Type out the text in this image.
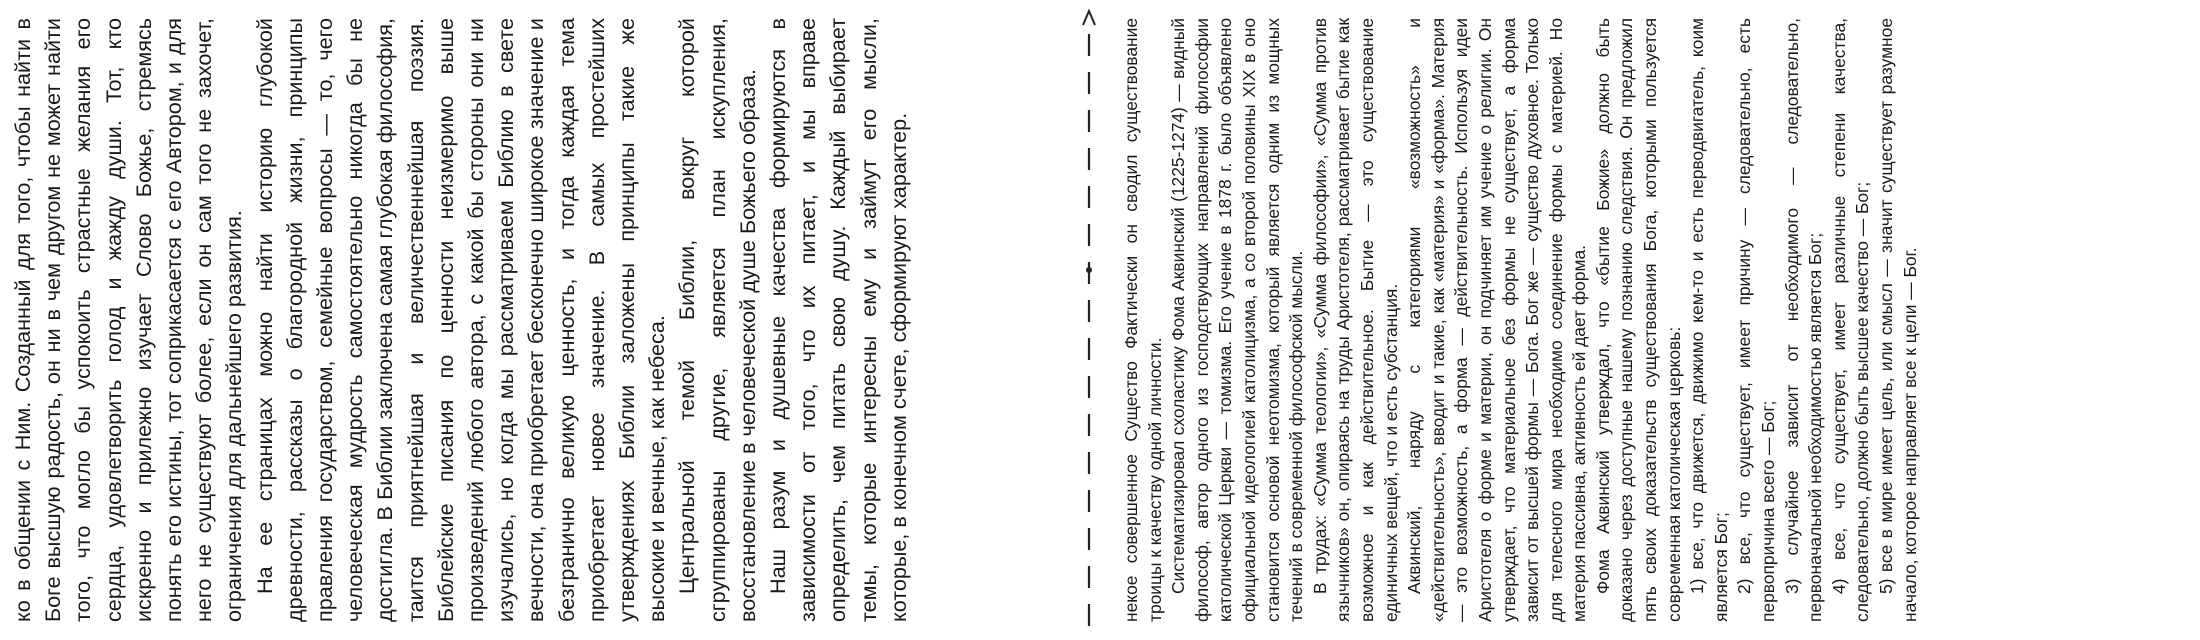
ко в общении с Ним. Созданный для того, чтобы найти в Боге высшую радость, он ни в чем другом не может найти того, что могло бы успокоить страстные желания его сердца, удовлетворить голод и жажду души. Тот, кто искренно и прилежно изучает Слово Божье, стремясь понять его истины, тот соприкасается с его Автором, и для него не существуют более, если он сам того не захочет, ограничения для дальнейшего развития. На ее страницах можно найти историю глубокой древности, рассказы о благородной жизни, принципы правления государством, семейные вопросы — то, чего человеческая мудрость самостоятельно никогда бы не достигла. В Библии заключена самая глубокая философия, таится приятнейшая и величественнейшая поэзия. Библейские писания по ценности неизмеримо выше произведений любого автора, с какой бы стороны они ни изучались, но когда мы рассматриваем Библию в свете вечности, она приобретает бесконечно широкое значение и безгранично великую ценность, и тогда каждая тема приобретает новое значение. В самых простейших утверждениях Библии заложены принципы такие же высокие и вечные, как небеса. Центральной темой Библии, вокруг которой сгруппированы другие, является план искупления, восстановление в человеческой душе Божьего образа. Наш разум и душевные качества формируются в зависимости от того, что их питает, и мы вправе определить, чем питать свою душу. Каждый выбирает темы, которые интересны ему и займут его мысли, которые, в конечном счете, сформируют характер.	некое совершенное Существо Фактически он сводил существование троицы к качеству одной личности. Систематизировал схоластику Фома Аквинский (1225-1274) — видный философ, автор одного из господствующих направлений философии католической Церкви — томизма. Его учение в 1878 г. было объявлено официальной идеологией католицизма, а со второй половины XIX в оно становится основой неотомизма, который является одним из мощных течений в современной философской мысли. В трудах: «Сумма теологии», «Сумма философии», «Сумма против язычников» он, опираясь на труды Аристотеля, рассматривает бытие как возможное и как действительное. Бытие — это существование единичных вещей, что и есть субстанция. Аквинский, наряду с категориями «возможность» и «действительность», вводит и такие, как «материя» и «форма». Материя — это возможность, а форма — действительность. Используя идеи Аристотеля о форме и материи, он подчиняет им учение о религии. Он утверждает, что материальное без формы не существует, а форма зависит от высшей формы — Бога. Бог же — существо духовное. Только для телесного мира необходимо соединение формы с материей. Но материя пассивна, активность ей дает форма. Фома Аквинский утверждал, что «бытие Божие» должно быть доказано через доступные нашему познанию следствия. Он предложил пять своих доказательств существования Бога, которыми пользуется современная католическая церковь: 1) все, что движется, движимо кем-то и есть перводвигатель, коим является Бог; 2) все, что существует, имеет причину — следовательно, есть первопричина всего — Бог; 3) случайное зависит от необходимого — следовательно, первоначальной необходимостью является Бог; 4) все, что существует, имеет различные степени качества, следовательно, должно быть высшее качество — Бог; 5) все в мире имеет цель, или смысл — значит существует разумное начало, которое направляет все к цели — Бог.
